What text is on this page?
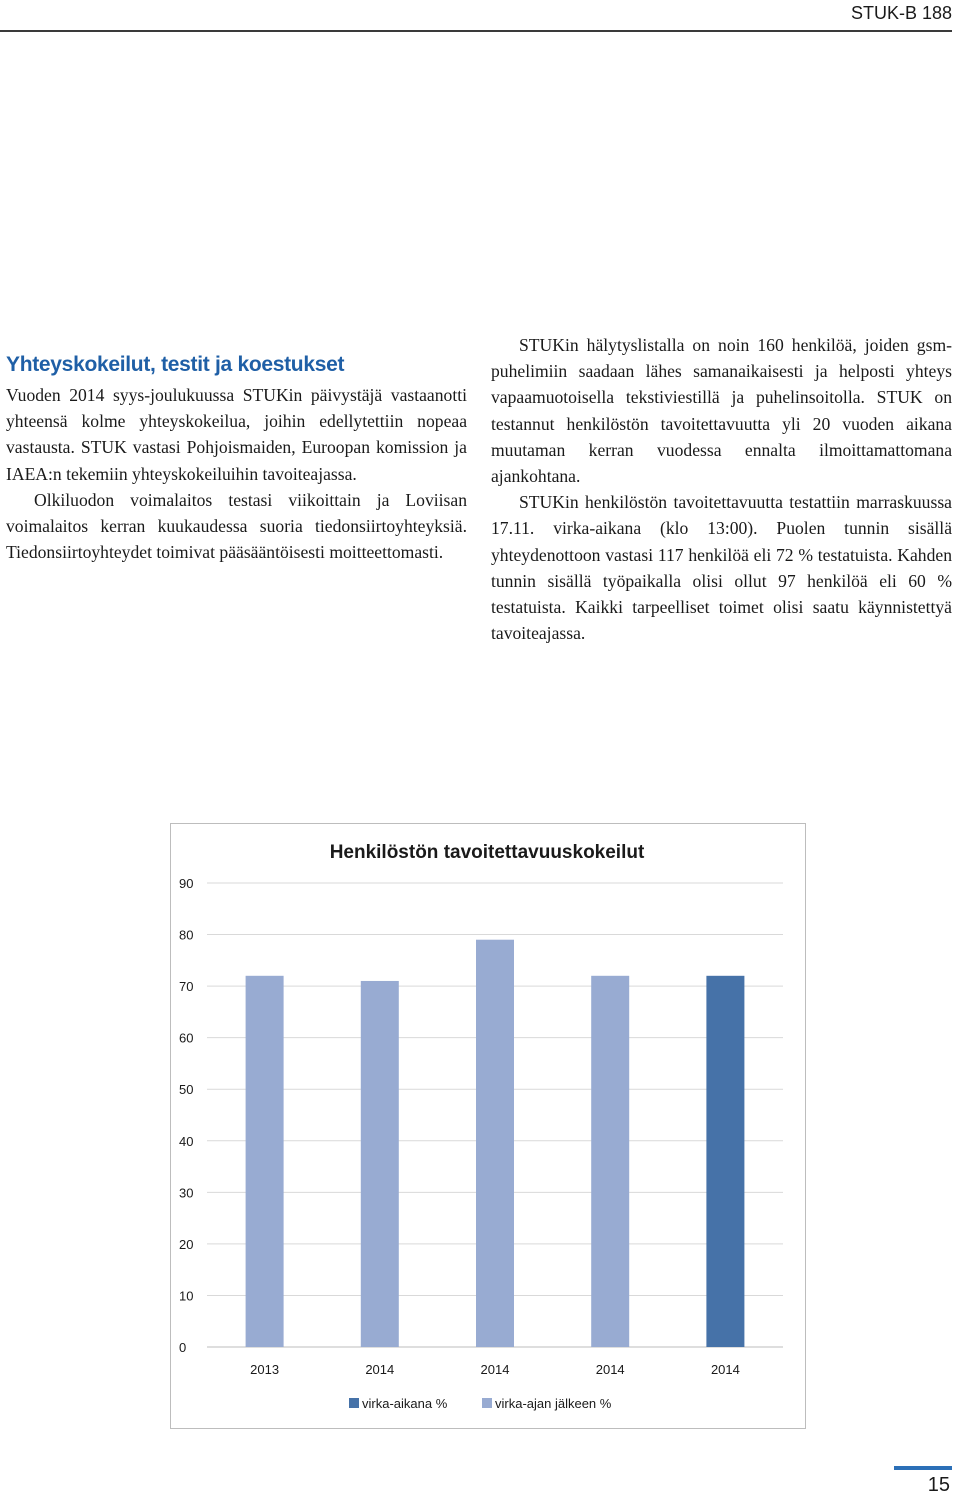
STUK-B 188
Yhteyskokeilut, testit ja koestukset

Vuoden 2014 syys-joulukuussa STUKin päivystäjä vastaanotti yhteensä kolme yhteyskokeilua, joihin edellytettiin nopeaa vastausta. STUK vastasi Pohjoismaiden, Euroopan komission ja IAEA:n tekemiin yhteyskokeiluihin tavoiteajassa.

Olkiluodon voimalaitos testasi viikoittain ja Loviisan voimalaitos kerran kuukaudessa suoria tiedonsiirtoyhteyksiä. Tiedonsiirtoyhteydet toimivat pääsääntöisesti moitteettomasti.

STUKin hälytyslistalla on noin 160 henkilöä, joiden gsm-puhelimiin saadaan lähes samanaikaisesti ja helposti yhteys vapaamuotoisella tekstiviestillä ja puhelinsoitolla. STUK on testannut henkilöstön tavoitettavuutta yli 20 vuoden aikana muutaman kerran vuodessa ennalta ilmoittamattomana ajankohtana.

STUKin henkilöstön tavoitettavuutta testattiin marraskuussa 17.11. virka-aikana (klo 13:00). Puolen tunnin sisällä yhteydenottoon vastasi 117 henkilöä eli 72 % testatuista. Kahden tunnin sisällä työpaikalla olisi ollut 97 henkilöä eli 60 % testatuista. Kaikki tarpeelliset toimet olisi saatu käynnistettyä tavoiteajassa.

Henkilöstön tavoitettavuuskokeilut
0
10
20
30
40
50
60
70
80
90
2013	2014	2014	2014	2014
virka-aikana %	virka-ajan jälkeen %
15
